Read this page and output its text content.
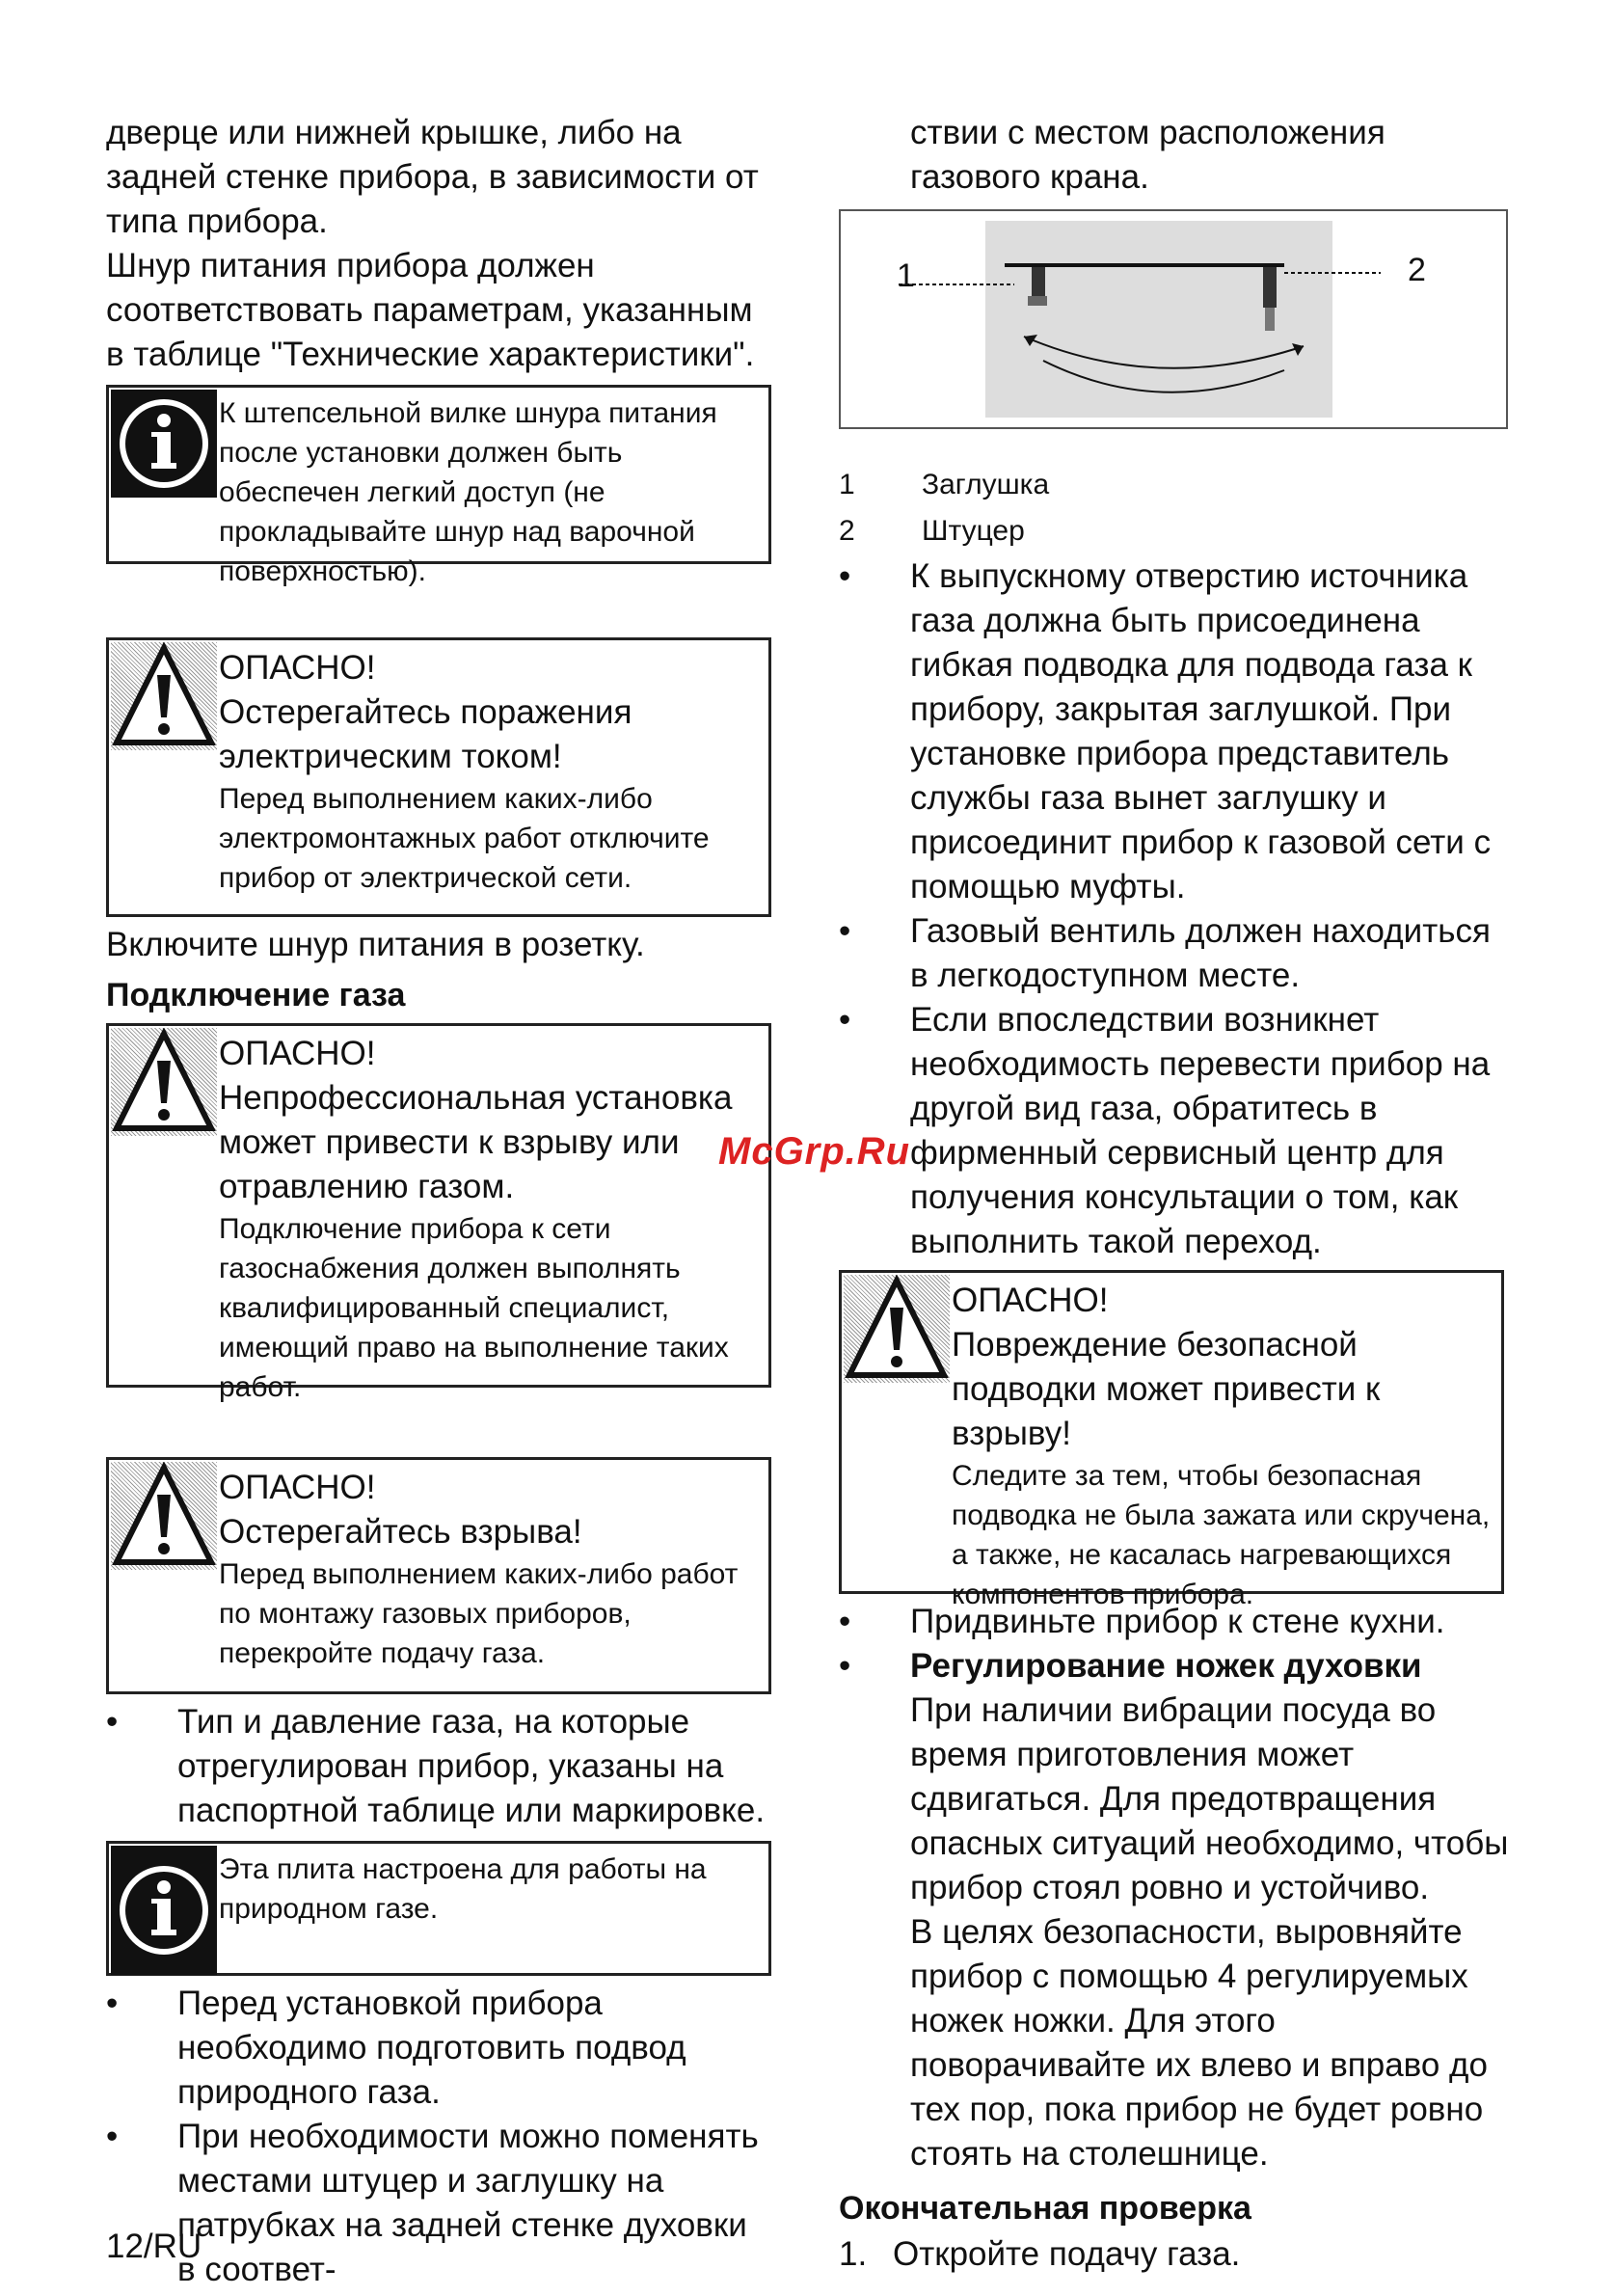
дверце или нижней крышке, либо на задней стенке прибора, в зависимости от типа прибора.

Шнур питания прибора должен соответствовать параметрам, указанным в таблице "Технические характеристики".

К штепсельной вилке шнура питания после установки должен быть обеспечен легкий доступ (не прокладывайте шнур над варочной поверхностью).
ОПАСНО!
Остерегайтесь поражения электрическим током!
Перед выполнением каких-либо электромонтажных работ отключите прибор от электрической сети.

Включите шнур питания в розетку.

Подключение газа
ОПАСНО!
Непрофессиональная установка может привести к взрыву или отравлению газом.
Подключение прибора к сети газоснабжения должен выполнять квалифицированный специалист, имеющий право на выполнение таких работ.
ОПАСНО!
Остерегайтесь взрыва!
Перед выполнением каких-либо работ по монтажу газовых приборов, перекройте подачу газа.
• Тип и давление газа, на которые отрегулирован прибор, указаны на паспортной таблице или маркировке.
Эта плита настроена для работы на природном газе.
• Перед установкой прибора необходимо подготовить подвод природного газа.
• При необходимости можно поменять местами штуцер и заглушку на патрубках на задней стенке духовки в соответ-

ствии с местом расположения газового крана.

1	2
1	Заглушка
2	Штуцер
• К выпускному отверстию источника газа должна быть присоединена гибкая подводка для подвода газа к прибору, закрытая заглушкой. При установке прибора представитель службы газа вынет заглушку и присоединит прибор к газовой сети с помощью муфты.
• Газовый вентиль должен находиться в легкодоступном месте.
• Если впоследствии возникнет необходимость перевести прибор на другой вид газа, обратитесь в фирменный сервисный центр для получения консультации о том, как выполнить такой переход.
ОПАСНО!
Повреждение безопасной подводки может привести к взрыву!
Следите за тем, чтобы безопасная подводка не была зажата или скручена, а также, не касалась нагревающихся компонентов прибора.
• Придвиньте прибор к стене кухни.
• Регулирование ножек духовки
При наличии вибрации посуда во время приготовления может сдвигаться. Для предотвращения опасных ситуаций необходимо, чтобы прибор стоял ровно и устойчиво.
В целях безопасности, выровняйте прибор с помощью 4 регулируемых ножек ножки. Для этого поворачивайте их влево и вправо до тех пор, пока прибор не будет ровно стоять на столешнице.
Окончательная проверка
1. Откройте подачу газа.
McGrp.Ru
12/RU
